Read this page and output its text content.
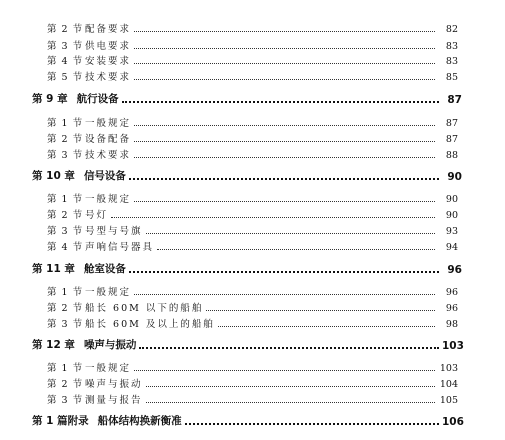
第 2 节 配备要求	82
第 3 节 供电要求	83
第 4 节 安装要求	83
第 5 节 技术要求	85
第 9 章 航行设备	87
第 1 节 一般规定	87
第 2 节 设备配备	87
第 3 节 技术要求	88
第 10 章 信号设备	90
第 1 节 一般规定	90
第 2 节 号灯	90
第 3 节 号型与号旗	93
第 4 节 声响信号器具	94
第 11 章 舱室设备	96
第 1 节 一般规定	96
第 2 节 船长 60M 以下的船舶	96
第 3 节 船长 60M 及以上的船舶	98
第 12 章 噪声与振动	103
第 1 节 一般规定	103
第 2 节 噪声与振动	104
第 3 节 测量与报告	105
第 1 篇附录 船体结构换新衡准	106
